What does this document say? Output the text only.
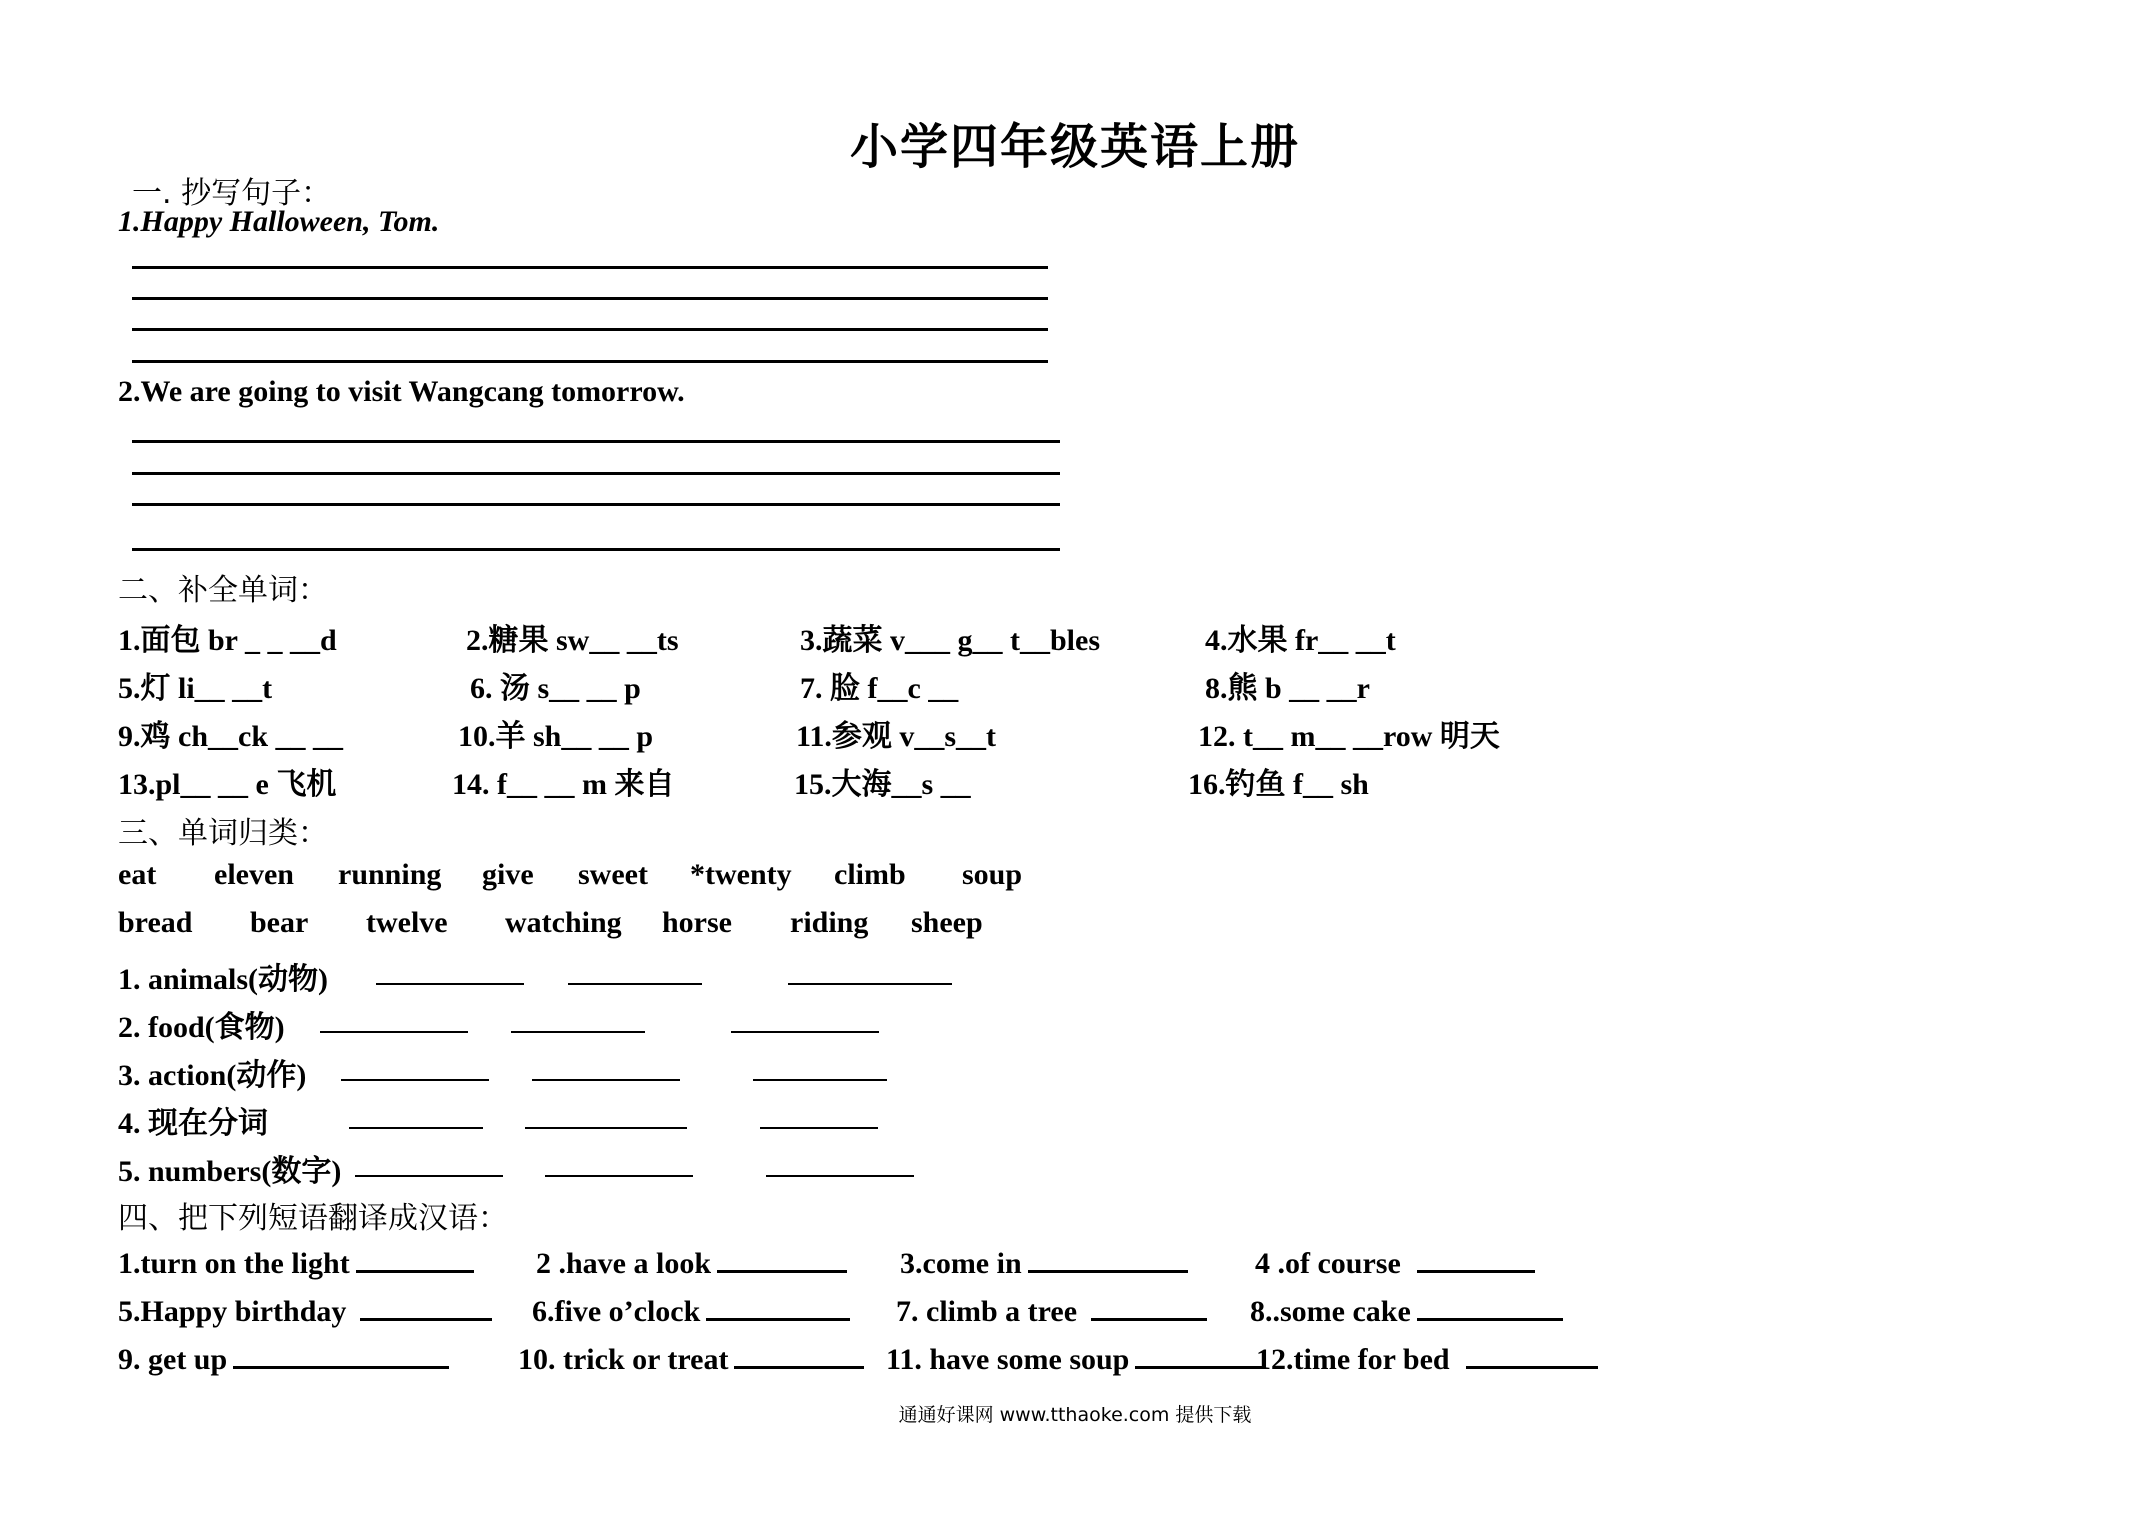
小学四年级英语上册
一. 抄写句子：
1.Happy Halloween, Tom.
2.We are going to visit Wangcang tomorrow.
二、补全单词：
1.面包 br _ _ __d	2.糖果 sw__ __ts	3.蔬菜 v___ g__ t__bles	4.水果 fr__ __t
5.灯 li__ __t	6. 汤 s__ __ p	7. 脸 f__c __	8.熊 b __ __r
9.鸡 ch__ck __ __	10.羊 sh__ __ p	11.参观 v__s__t	12. t__ m__ __row 明天
13.pl__ __ e 飞机	14. f__ __ m 来自	15.大海__s __	16.钓鱼 f__ sh
三、单词归类：
eat eleven running give sweet *twenty climb soup
bread bear twelve watching horse riding sheep
1. animals(动物)
2. food(食物)
3. action(动作)
4. 现在分词
5. numbers(数字)
四、把下列短语翻译成汉语：
1.turn on the light	2 .have a look	3.come in	4 .of course
5.Happy birthday	6.five o’clock	7. climb a tree	8..some cake
9. get up	10. trick or treat	11. have some soup	12.time for bed
通通好课网 www.tthaoke.com 提供下载
